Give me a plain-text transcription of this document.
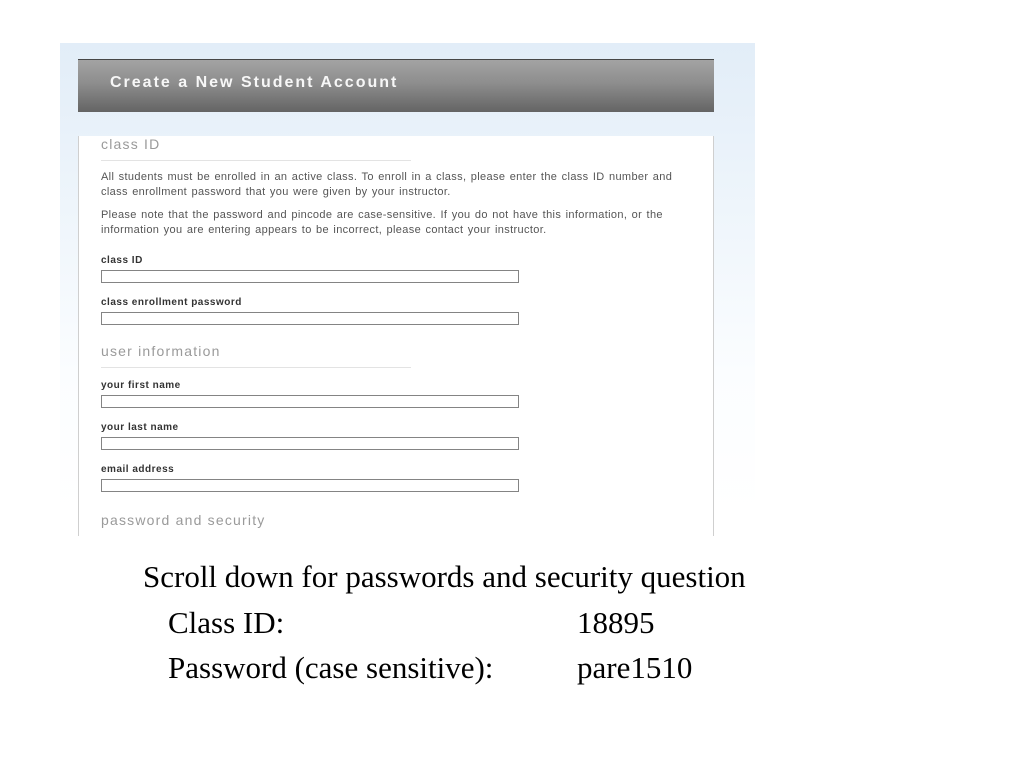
Create a New Student Account
class ID

All students must be enrolled in an active class. To enroll in a class, please enter the class ID number and class enrollment password that you were given by your instructor.

Please note that the password and pincode are case-sensitive. If you do not have this information, or the information you are entering appears to be incorrect, please contact your instructor.

class ID
class enrollment password
user information
your first name
your last name
email address
password and security
Scroll down for passwords and security question
Class ID:	18895
Password (case sensitive):	pare1510
